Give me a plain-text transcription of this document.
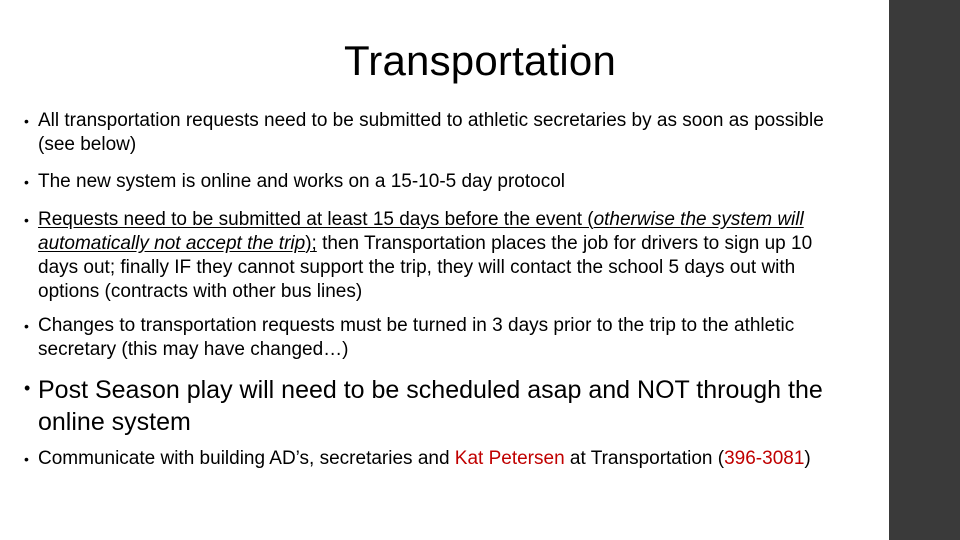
Transportation
• All transportation requests need to be submitted to athletic secretaries by as soon as possible (see below)
• The new system is online and works on a 15-10-5 day protocol
• Requests need to be submitted at least 15 days before the event (otherwise the system will automatically not accept the trip); then Transportation places the job for drivers to sign up 10 days out; finally IF they cannot support the trip, they will contact the school 5 days out with options (contracts with other bus lines)
• Changes to transportation requests must be turned in 3 days prior to the trip to the athletic secretary (this may have changed…)
• Post Season play will need to be scheduled asap and NOT through the online system
• Communicate with building AD’s, secretaries and Kat Petersen at Transportation (396-3081)
